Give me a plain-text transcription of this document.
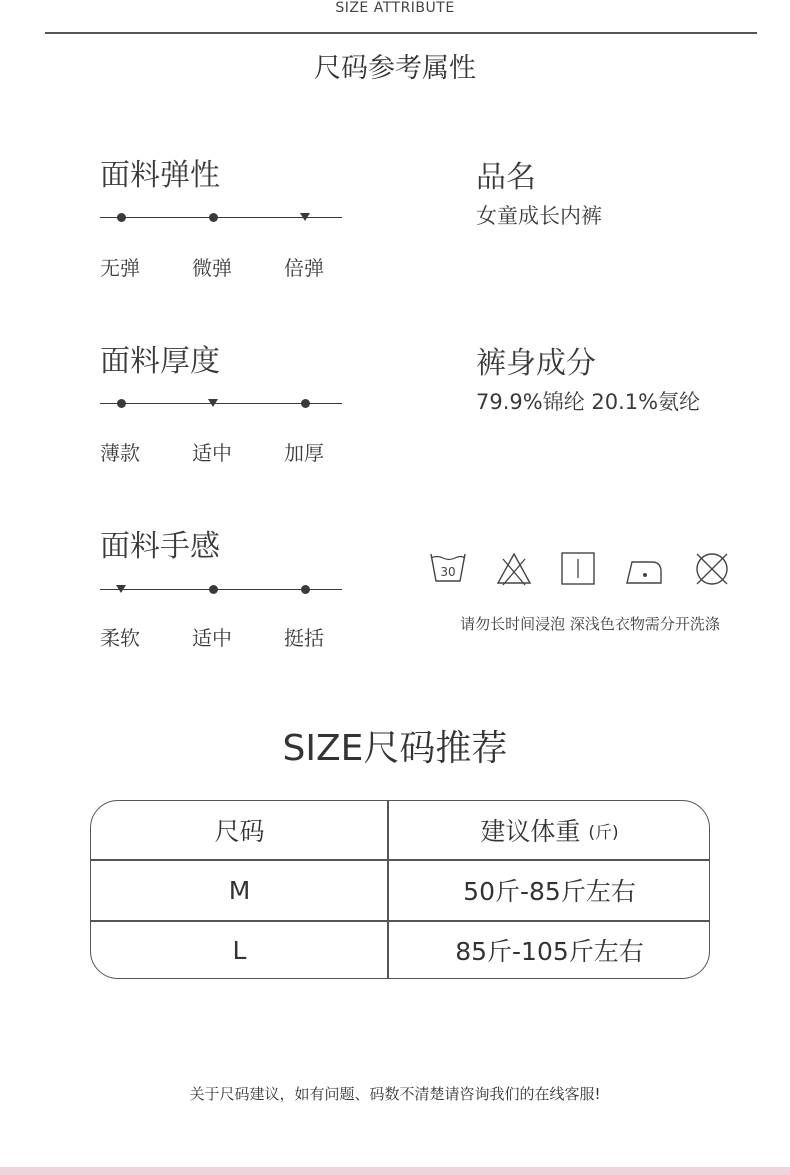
SIZE ATTRIBUTE
尺码参考属性
面料弹性
无弹	微弹	倍弹
面料厚度
薄款	适中	加厚
面料手感
柔软	适中	挺括
品名
女童成长内裤
裤身成分
79.9%锦纶 20.1%氨纶
30
请勿长时间浸泡 深浅色衣物需分开洗涤
SIZE尺码推荐
尺码	建议体重 (斤)
M	50斤-85斤左右
L	85斤-105斤左右
关于尺码建议，如有问题、码数不清楚请咨询我们的在线客服!
